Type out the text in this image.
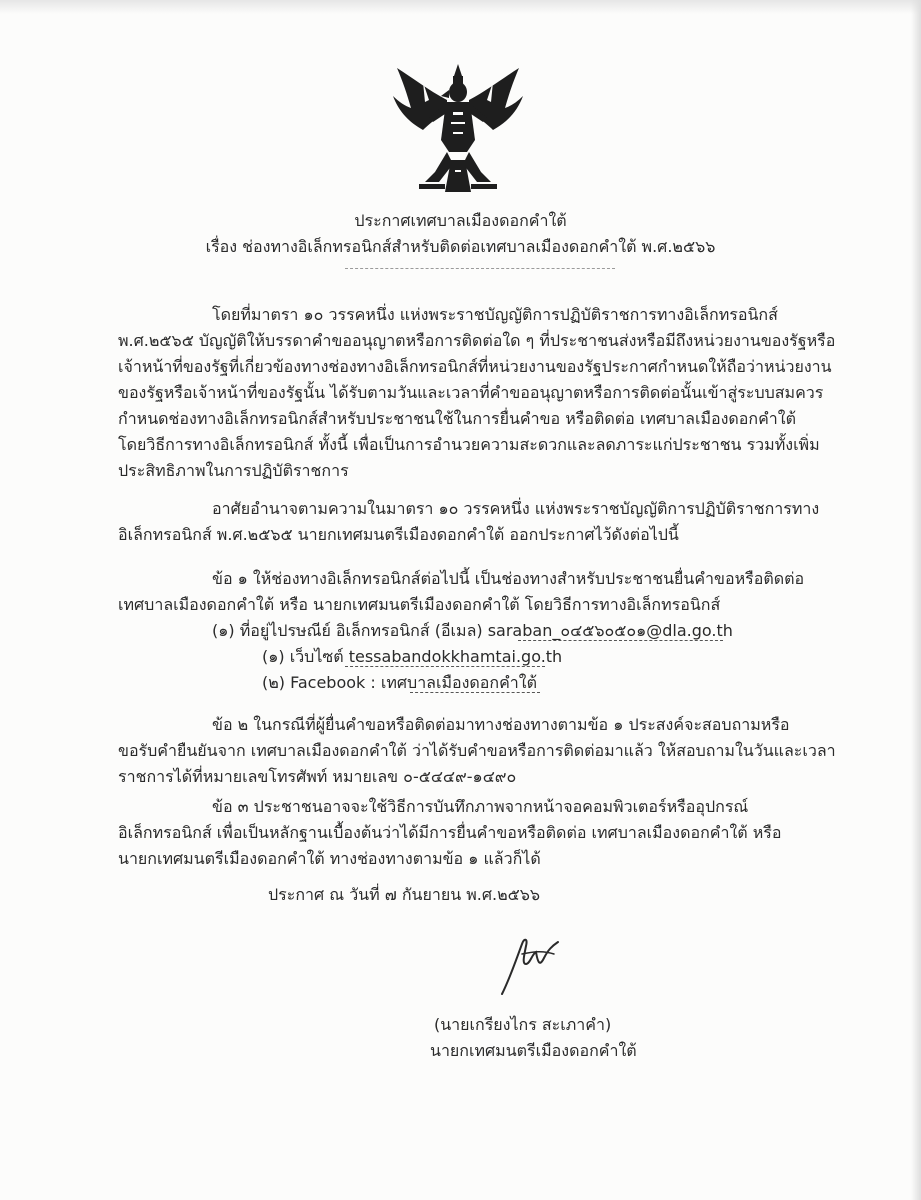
ประกาศเทศบาลเมืองดอกคำใต้
เรื่อง ช่องทางอิเล็กทรอนิกส์สำหรับติดต่อเทศบาลเมืองดอกคำใต้ พ.ศ.๒๕๖๖
โดยที่มาตรา ๑๐ วรรคหนึ่ง แห่งพระราชบัญญัติการปฏิบัติราชการทางอิเล็กทรอนิกส์
พ.ศ.๒๕๖๕ บัญญัติให้บรรดาคำขออนุญาตหรือการติดต่อใด ๆ ที่ประชาชนส่งหรือมีถึงหน่วยงานของรัฐหรือ
เจ้าหน้าที่ของรัฐที่เกี่ยวข้องทางช่องทางอิเล็กทรอนิกส์ที่หน่วยงานของรัฐประกาศกำหนดให้ถือว่าหน่วยงาน
ของรัฐหรือเจ้าหน้าที่ของรัฐนั้น ได้รับตามวันและเวลาที่คำขออนุญาตหรือการติดต่อนั้นเข้าสู่ระบบสมควร
กำหนดช่องทางอิเล็กทรอนิกส์สำหรับประชาชนใช้ในการยื่นคำขอ หรือติดต่อ เทศบาลเมืองดอกคำใต้
โดยวิธีการทางอิเล็กทรอนิกส์ ทั้งนี้ เพื่อเป็นการอำนวยความสะดวกและลดภาระแก่ประชาชน รวมทั้งเพิ่ม
ประสิทธิภาพในการปฏิบัติราชการ
อาศัยอำนาจตามความในมาตรา ๑๐ วรรคหนึ่ง แห่งพระราชบัญญัติการปฏิบัติราชการทาง
อิเล็กทรอนิกส์ พ.ศ.๒๕๖๕ นายกเทศมนตรีเมืองดอกคำใต้ ออกประกาศไว้ดังต่อไปนี้
ข้อ ๑ ให้ช่องทางอิเล็กทรอนิกส์ต่อไปนี้ เป็นช่องทางสำหรับประชาชนยื่นคำขอหรือติดต่อ
เทศบาลเมืองดอกคำใต้ หรือ นายกเทศมนตรีเมืองดอกคำใต้ โดยวิธีการทางอิเล็กทรอนิกส์
(๑) ที่อยู่ไปรษณีย์ อิเล็กทรอนิกส์ (อีเมล) saraban_๐๔๕๖๐๕๐๑@dla.go.th
(๑) เว็บไซต์ tessabandokkhamtai.go.th
(๒) Facebook : เทศบาลเมืองดอกคำใต้
ข้อ ๒ ในกรณีที่ผู้ยื่นคำขอหรือติดต่อมาทางช่องทางตามข้อ ๑ ประสงค์จะสอบถามหรือ
ขอรับคำยืนยันจาก เทศบาลเมืองดอกคำใต้ ว่าได้รับคำขอหรือการติดต่อมาแล้ว ให้สอบถามในวันและเวลา
ราชการได้ที่หมายเลขโทรศัพท์ หมายเลข ๐-๕๔๔๙-๑๔๙๐
ข้อ ๓ ประชาชนอาจจะใช้วิธีการบันทึกภาพจากหน้าจอคอมพิวเตอร์หรืออุปกรณ์
อิเล็กทรอนิกส์ เพื่อเป็นหลักฐานเบื้องต้นว่าได้มีการยื่นคำขอหรือติดต่อ เทศบาลเมืองดอกคำใต้ หรือ
นายกเทศมนตรีเมืองดอกคำใต้ ทางช่องทางตามข้อ ๑ แล้วก็ได้
ประกาศ ณ วันที่ ๗ กันยายน พ.ศ.๒๕๖๖
(นายเกรียงไกร สะเภาคำ)
นายกเทศมนตรีเมืองดอกคำใต้
